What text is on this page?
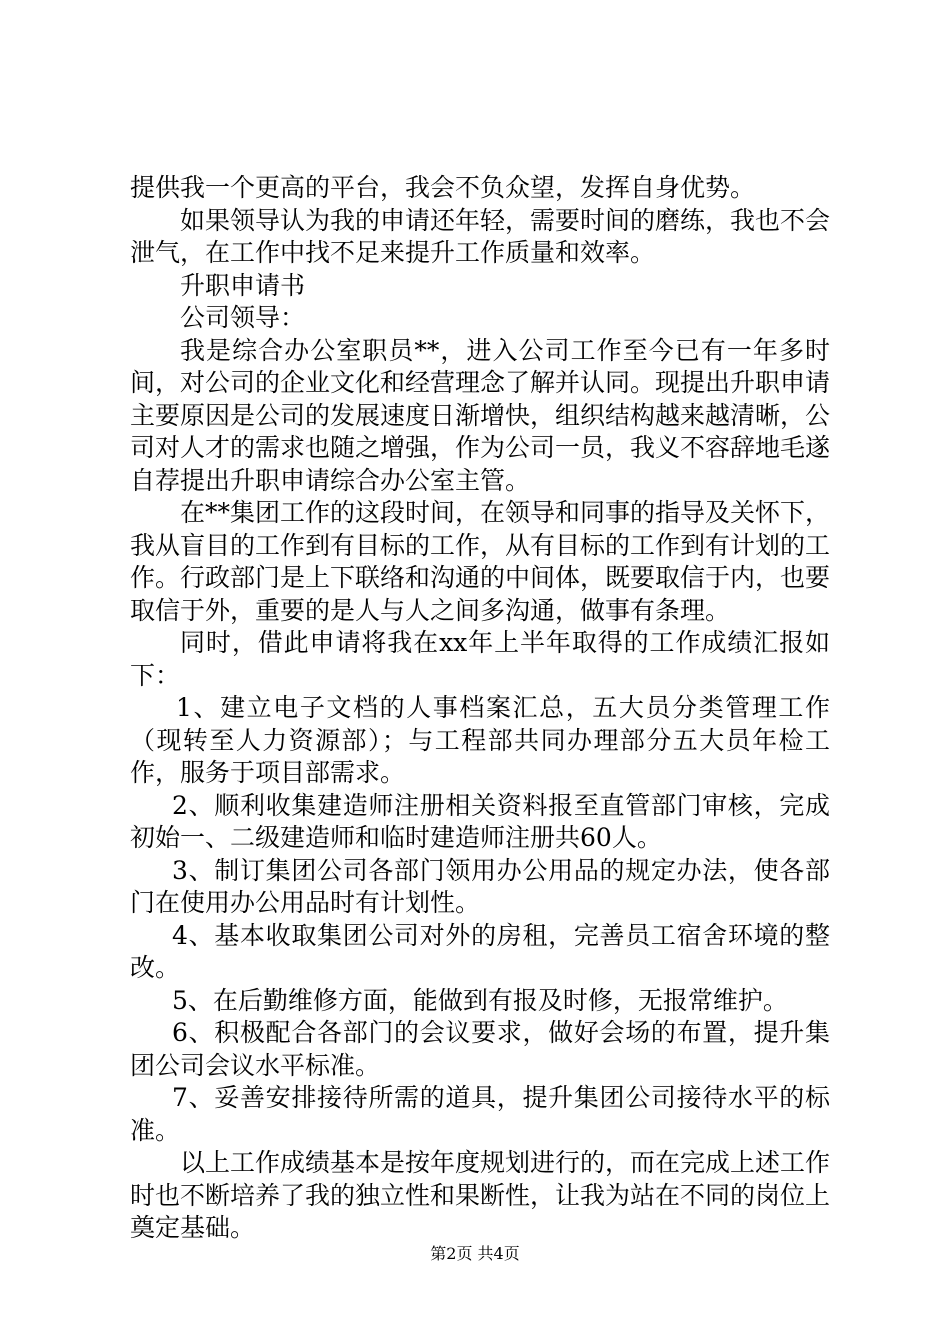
提供我一个更高的平台，我会不负众望，发挥自身优势。

如果领导认为我的申请还年轻，需要时间的磨练，我也不会泄气，在工作中找不足来提升工作质量和效率。

升职申请书

公司领导：

我是综合办公室职员**，进入公司工作至今已有一年多时间，对公司的企业文化和经营理念了解并认同。现提出升职申请主要原因是公司的发展速度日渐增快，组织结构越来越清晰，公司对人才的需求也随之增强，作为公司一员，我义不容辞地毛遂自荐提出升职申请综合办公室主管。

在**集团工作的这段时间，在领导和同事的指导及关怀下，我从盲目的工作到有目标的工作，从有目标的工作到有计划的工作。行政部门是上下联络和沟通的中间体，既要取信于内，也要取信于外，重要的是人与人之间多沟通，做事有条理。

同时，借此申请将我在xx年上半年取得的工作成绩汇报如下：

1、建立电子文档的人事档案汇总，五大员分类管理工作（现转至人力资源部）；与工程部共同办理部分五大员年检工作，服务于项目部需求。

2、顺利收集建造师注册相关资料报至直管部门审核，完成初始一、二级建造师和临时建造师注册共60人。

3、制订集团公司各部门领用办公用品的规定办法，使各部门在使用办公用品时有计划性。

4、基本收取集团公司对外的房租，完善员工宿舍环境的整改。

5、在后勤维修方面，能做到有报及时修，无报常维护。

6、积极配合各部门的会议要求，做好会场的布置，提升集团公司会议水平标准。

7、妥善安排接待所需的道具，提升集团公司接待水平的标准。

以上工作成绩基本是按年度规划进行的，而在完成上述工作时也不断培养了我的独立性和果断性，让我为站在不同的岗位上奠定基础。

第2页 共4页
